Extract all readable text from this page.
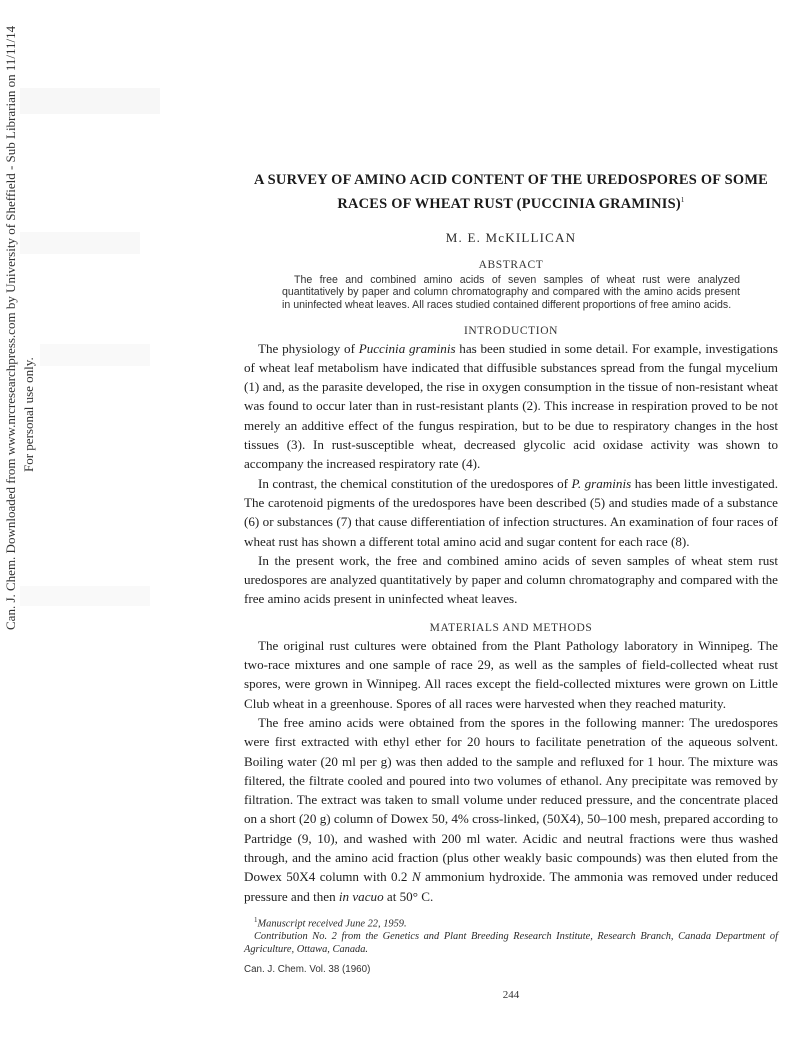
Can. J. Chem. Downloaded from www.nrcresearchpress.com by University of Sheffield - Sub Librarian on 11/11/14 For personal use only.
A SURVEY OF AMINO ACID CONTENT OF THE UREDOSPORES OF SOME
RACES OF WHEAT RUST (PUCCINIA GRAMINIS)$^1$
M. E. McKILLICAN
ABSTRACT

The free and combined amino acids of seven samples of wheat rust were analyzed quantitatively by paper and column chromatography and compared with the amino acids present in uninfected wheat leaves. All races studied contained different proportions of free amino acids.

INTRODUCTION

The physiology of Puccinia graminis has been studied in some detail. For example, investigations of wheat leaf metabolism have indicated that diffusible substances spread from the fungal mycelium (1) and, as the parasite developed, the rise in oxygen consumption in the tissue of non-resistant wheat was found to occur later than in rust-resistant plants (2). This increase in respiration proved to be not merely an additive effect of the fungus respiration, but to be due to respiratory changes in the host tissues (3). In rust-susceptible wheat, decreased glycolic acid oxidase activity was shown to accompany the increased respiratory rate (4).

In contrast, the chemical constitution of the uredospores of P. graminis has been little investigated. The carotenoid pigments of the uredospores have been described (5) and studies made of a substance (6) or substances (7) that cause differentiation of infection structures. An examination of four races of wheat rust has shown a different total amino acid and sugar content for each race (8).

In the present work, the free and combined amino acids of seven samples of wheat stem rust uredospores are analyzed quantitatively by paper and column chromatography and compared with the free amino acids present in uninfected wheat leaves.

MATERIALS AND METHODS

The original rust cultures were obtained from the Plant Pathology laboratory in Winnipeg. The two-race mixtures and one sample of race 29, as well as the samples of field-collected wheat rust spores, were grown in Winnipeg. All races except the field-collected mixtures were grown on Little Club wheat in a greenhouse. Spores of all races were harvested when they reached maturity.

The free amino acids were obtained from the spores in the following manner: The uredospores were first extracted with ethyl ether for 20 hours to facilitate penetration of the aqueous solvent. Boiling water (20 ml per g) was then added to the sample and refluxed for 1 hour. The mixture was filtered, the filtrate cooled and poured into two volumes of ethanol. Any precipitate was removed by filtration. The extract was taken to small volume under reduced pressure, and the concentrate placed on a short (20 g) column of Dowex 50, 4% cross-linked, (50X4), 50–100 mesh, prepared according to Partridge (9, 10), and washed with 200 ml water. Acidic and neutral fractions were thus washed through, and the amino acid fraction (plus other weakly basic compounds) was then eluted from the Dowex 50X4 column with 0.2 N ammonium hydroxide. The ammonia was removed under reduced pressure and then in vacuo at 50° C.

$^1$Manuscript received June 22, 1959.

Contribution No. 2 from the Genetics and Plant Breeding Research Institute, Research Branch, Canada Department of Agriculture, Ottawa, Canada.

Can. J. Chem. Vol. 38 (1960)
244
